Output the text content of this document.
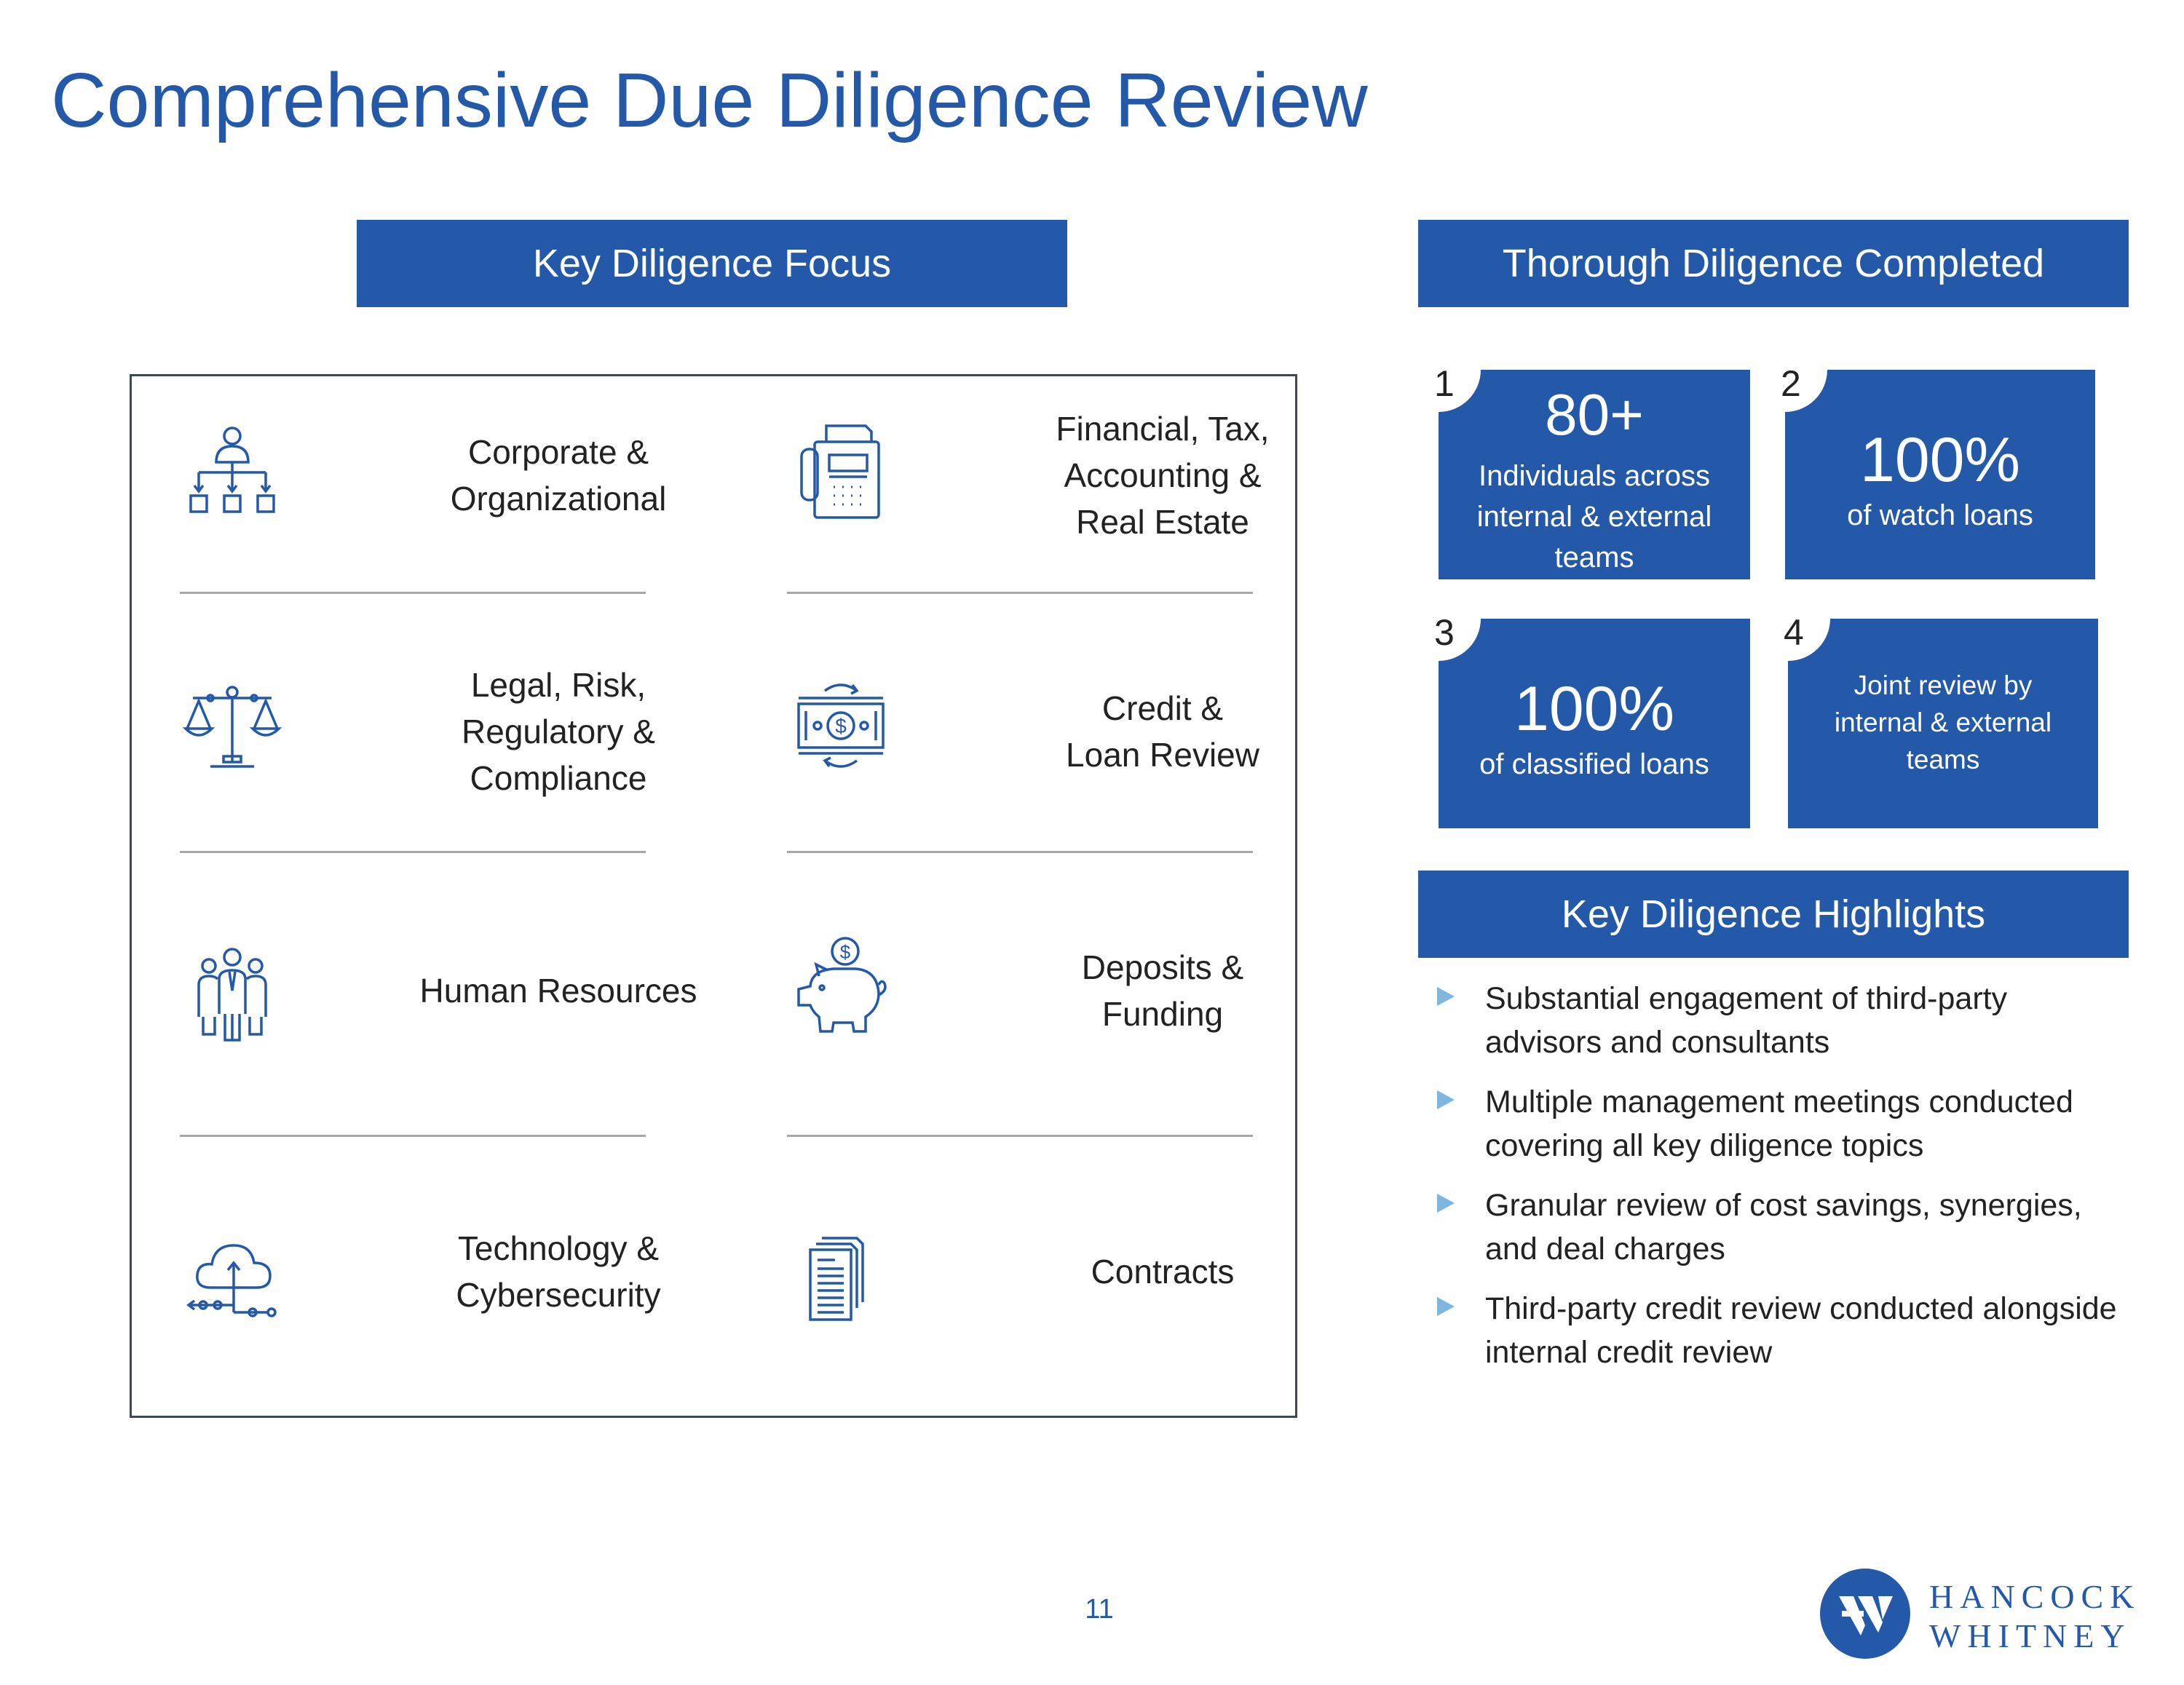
Comprehensive Due Diligence Review
Key Diligence Focus	Thorough Diligence Completed
Key Diligence Highlights
Corporate &
Organizational
Financial, Tax,
Accounting &
Real Estate
Legal, Risk,
Regulatory &
Compliance
$	Credit &
Loan Review
Human Resources
$	Deposits &
Funding
Technology &
Cybersecurity
Contracts
1	80+
Individuals across
internal & external
teams
2
100%
of watch loans
3
100%
of classified loans
4
Joint review by
internal & external
teams
Substantial engagement of third-party advisors and consultants
Multiple management meetings conducted covering all key diligence topics
Granular review of cost savings, synergies, and deal charges
Third-party credit review conducted alongside internal credit review
11	HANCOCK
WHITNEY
